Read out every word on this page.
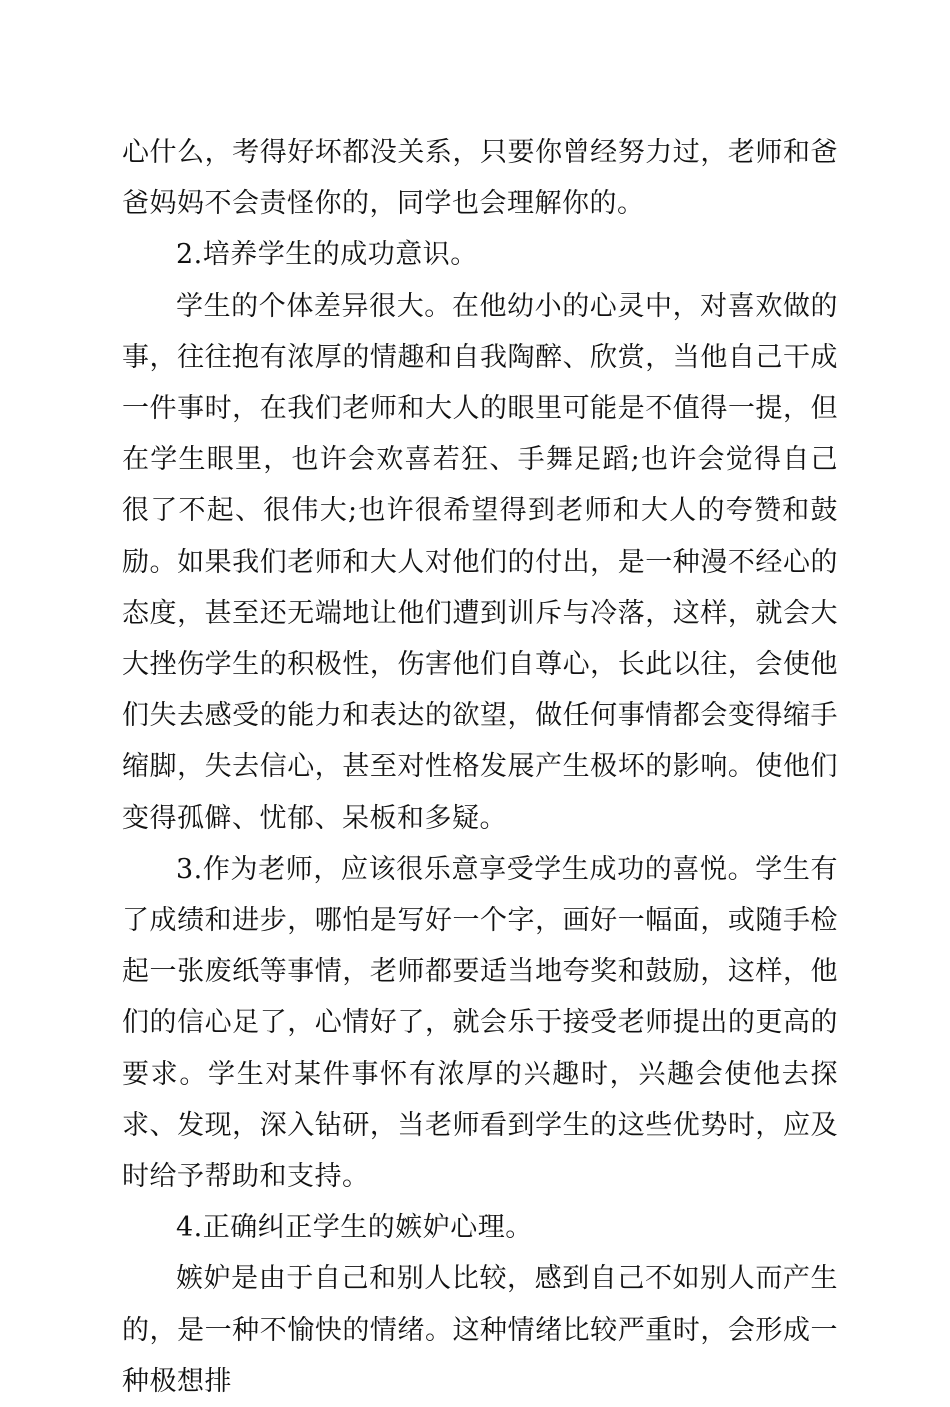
心什么，考得好坏都没关系，只要你曾经努力过，老师和爸爸妈妈不会责怪你的，同学也会理解你的。

2.培养学生的成功意识。

学生的个体差异很大。在他幼小的心灵中，对喜欢做的事，往往抱有浓厚的情趣和自我陶醉、欣赏，当他自己干成一件事时，在我们老师和大人的眼里可能是不值得一提，但在学生眼里，也许会欢喜若狂、手舞足蹈;也许会觉得自己很了不起、很伟大;也许很希望得到老师和大人的夸赞和鼓励。如果我们老师和大人对他们的付出，是一种漫不经心的态度，甚至还无端地让他们遭到训斥与冷落，这样，就会大大挫伤学生的积极性，伤害他们自尊心，长此以往，会使他们失去感受的能力和表达的欲望，做任何事情都会变得缩手缩脚，失去信心，甚至对性格发展产生极坏的影响。使他们变得孤僻、忧郁、呆板和多疑。

3.作为老师，应该很乐意享受学生成功的喜悦。学生有了成绩和进步，哪怕是写好一个字，画好一幅面，或随手检起一张废纸等事情，老师都要适当地夸奖和鼓励，这样，他们的信心足了，心情好了，就会乐于接受老师提出的更高的要求。学生对某件事怀有浓厚的兴趣时，兴趣会使他去探求、发现，深入钻研，当老师看到学生的这些优势时，应及时给予帮助和支持。

4.正确纠正学生的嫉妒心理。

嫉妒是由于自己和别人比较，感到自己不如别人而产生的，是一种不愉快的情绪。这种情绪比较严重时，会形成一种极想排
